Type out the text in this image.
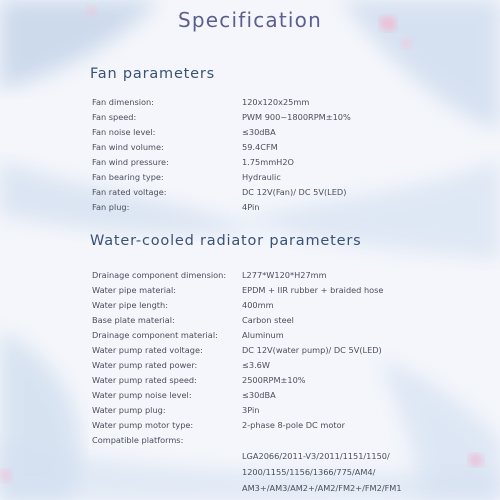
Specification
Fan parameters
Fan dimension:	120x120x25mm
Fan speed:	PWM 900~1800RPM±10%
Fan noise level:	≤30dBA
Fan wind volume:	59.4CFM
Fan wind pressure:	1.75mmH2O
Fan bearing type:	Hydraulic
Fan rated voltage:	DC 12V(Fan)/ DC 5V(LED)
Fan plug:	4Pin
Water-cooled radiator parameters
Drainage component dimension:	L277*W120*H27mm
Water pipe material:	EPDM + IIR rubber + braided hose
Water pipe length:	400mm
Base plate material:	Carbon steel
Drainage component material:	Aluminum
Water pump rated voltage:	DC 12V(water pump)/ DC 5V(LED)
Water pump rated power:	≤3.6W
Water pump rated speed:	2500RPM±10%
Water pump noise level:	≤30dBA
Water pump plug:	3Pin
Water pump motor type:	2-phase 8-pole DC motor
Compatible platforms:
LGA2066/2011-V3/2011/1151/1150/
1200/1155/1156/1366/775/AM4/
AM3+/AM3/AM2+/AM2/FM2+/FM2/FM1
